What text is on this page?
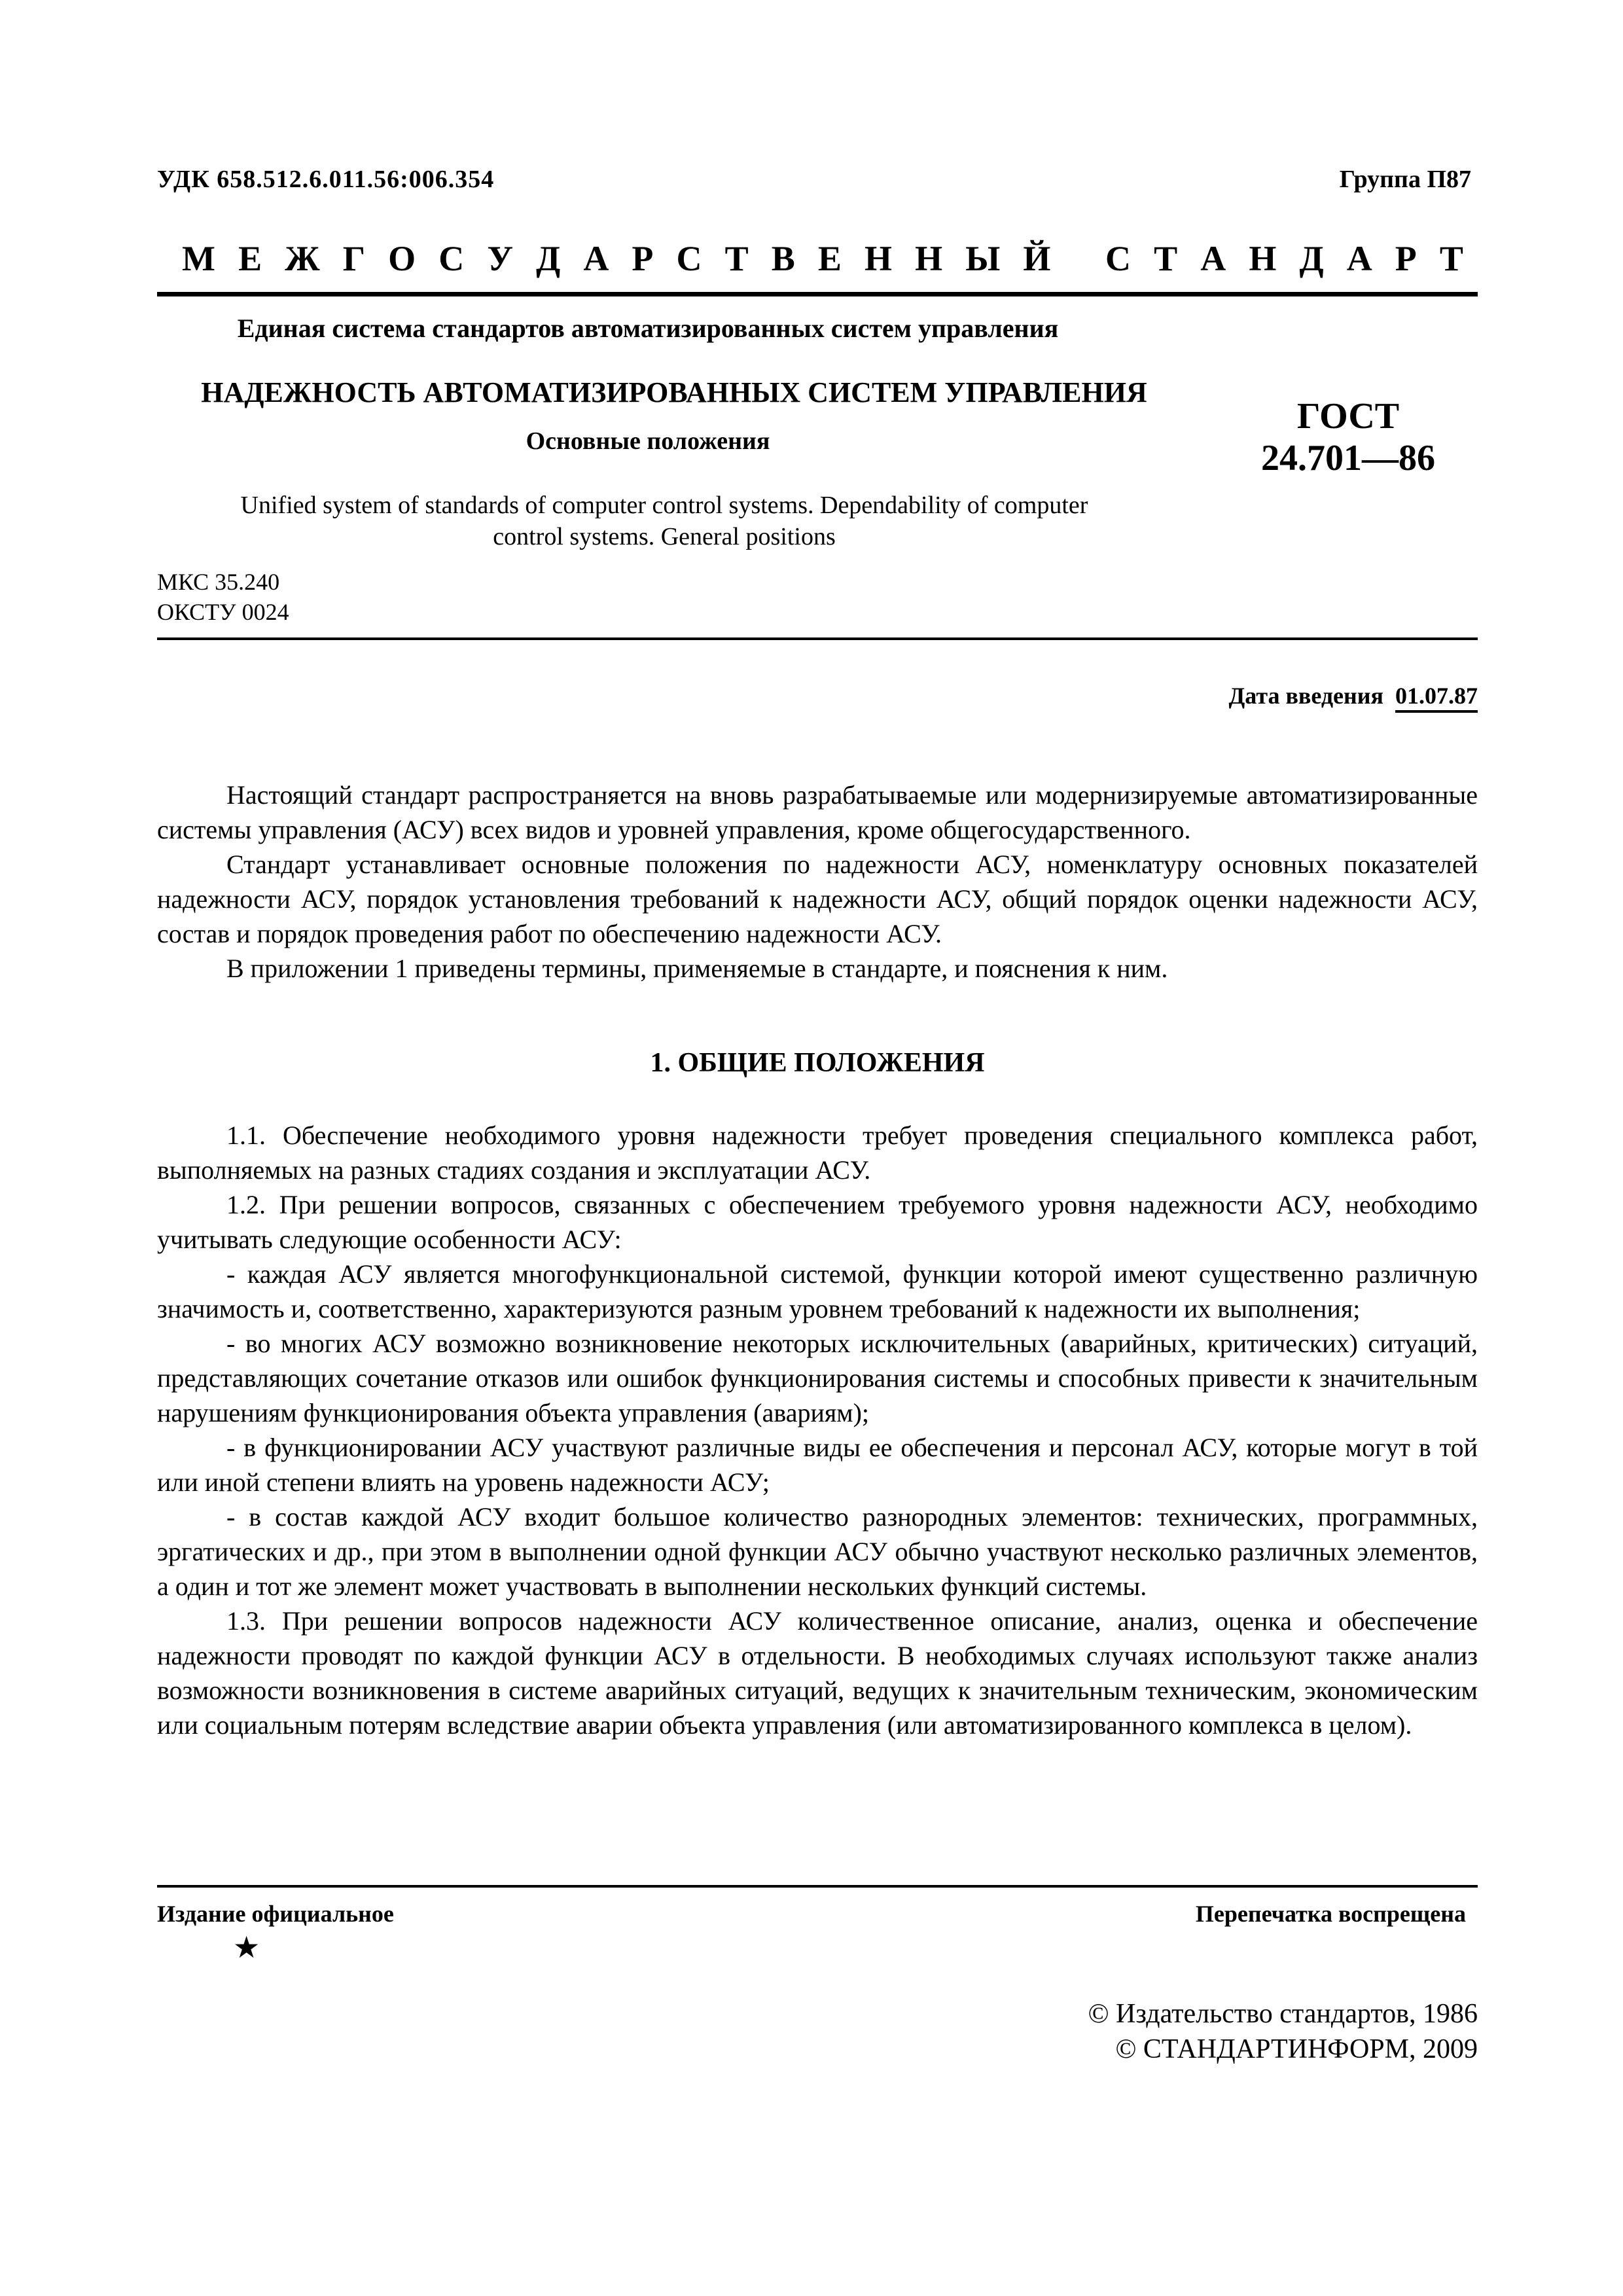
УДК 658.512.6.011.56:006.354	Группа П87
М Е Ж Г О С У Д А Р С Т В Е Н Н Ы Й
С Т А Н Д А Р Т
Единая система стандартов автоматизированных систем управления
НАДЕЖНОСТЬ АВТОМАТИЗИРОВАННЫХ СИСТЕМ УПРАВЛЕНИЯ
Основные положения
ГОСТ
24.701—86
Unified system of standards of computer control systems. Dependability of computer
control systems. General positions
МКС 35.240
ОКСТУ 0024
Дата введения 01.07.87

Настоящий стандарт распространяется на вновь разрабатываемые или модернизируемые автоматизированные системы управления (АСУ) всех видов и уровней управления, кроме общегосударственного.

Стандарт устанавливает основные положения по надежности АСУ, номенклатуру основных показателей надежности АСУ, порядок установления требований к надежности АСУ, общий порядок оценки надежности АСУ, состав и порядок проведения работ по обеспечению надежности АСУ.

В приложении 1 приведены термины, применяемые в стандарте, и пояснения к ним.

1. ОБЩИЕ ПОЛОЖЕНИЯ

1.1. Обеспечение необходимого уровня надежности требует проведения специального комплекса работ, выполняемых на разных стадиях создания и эксплуатации АСУ.

1.2. При решении вопросов, связанных с обеспечением требуемого уровня надежности АСУ, необходимо учитывать следующие особенности АСУ:

- каждая АСУ является многофункциональной системой, функции которой имеют существенно различную значимость и, соответственно, характеризуются разным уровнем требований к надежности их выполнения;

- во многих АСУ возможно возникновение некоторых исключительных (аварийных, критических) ситуаций, представляющих сочетание отказов или ошибок функционирования системы и способных привести к значительным нарушениям функционирования объекта управления (авариям);

- в функционировании АСУ участвуют различные виды ее обеспечения и персонал АСУ, которые могут в той или иной степени влиять на уровень надежности АСУ;

- в состав каждой АСУ входит большое количество разнородных элементов: технических, программных, эргатических и др., при этом в выполнении одной функции АСУ обычно участвуют несколько различных элементов, а один и тот же элемент может участвовать в выполнении нескольких функций системы.

1.3. При решении вопросов надежности АСУ количественное описание, анализ, оценка и обеспечение надежности проводят по каждой функции АСУ в отдельности. В необходимых случаях используют также анализ возможности возникновения в системе аварийных ситуаций, ведущих к значительным техническим, экономическим или социальным потерям вследствие аварии объекта управления (или автоматизированного комплекса в целом).

Издание официальное	Перепечатка воспрещена
★
© Издательство стандартов, 1986
© СТАНДАРТИНФОРМ, 2009
